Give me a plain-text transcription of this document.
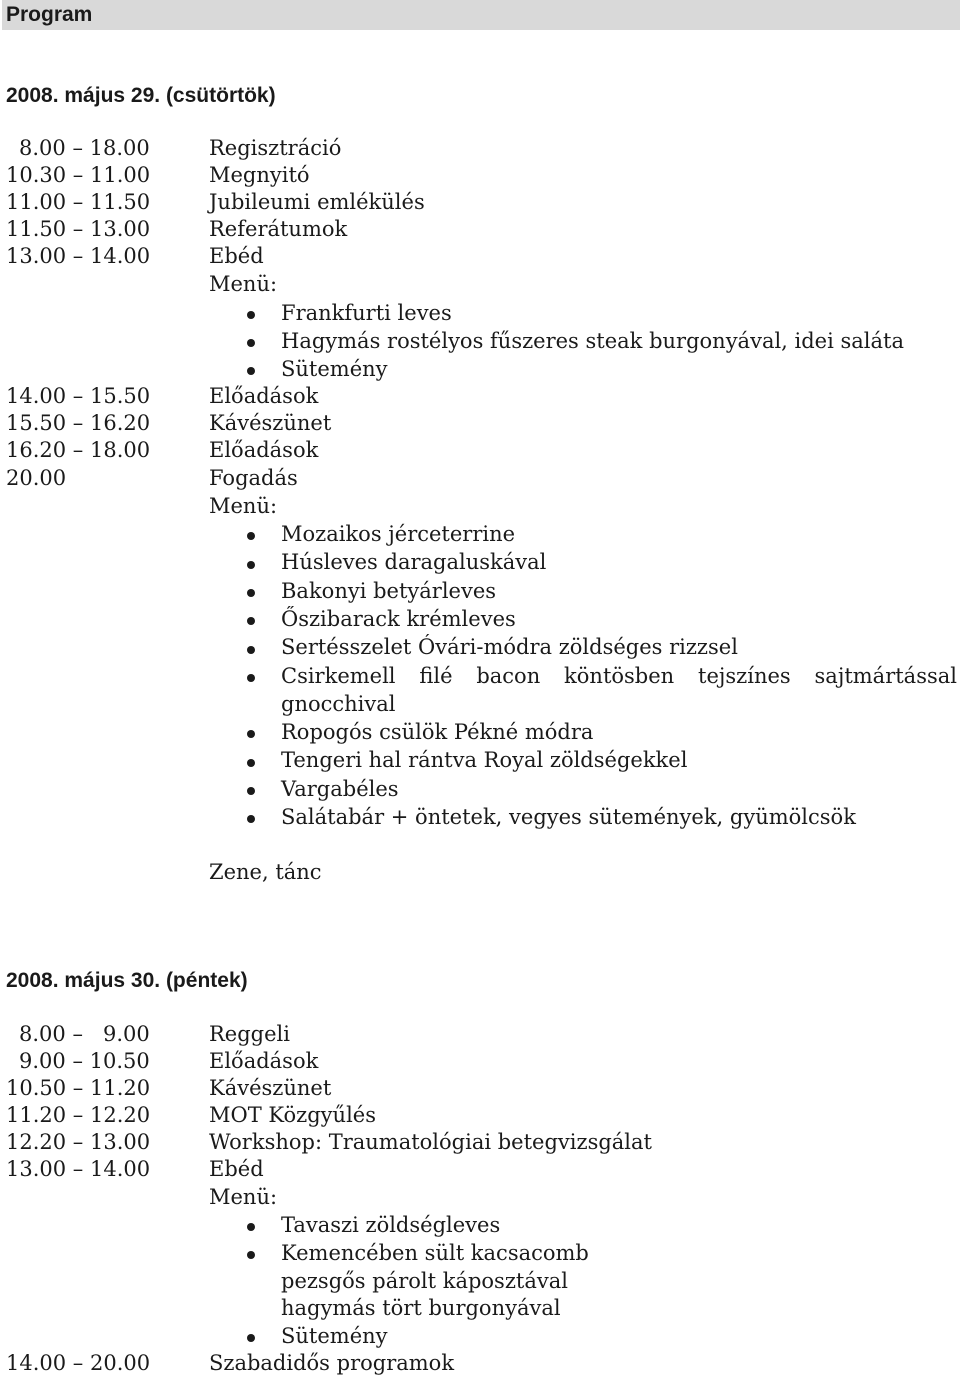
Program
2008. május 29. (csütörtök)
8.00 – 18.00	Regisztráció
10.30 – 11.00	Megnyitó
11.00 – 11.50	Jubileumi emlékülés
11.50 – 13.00	Referátumok
13.00 – 14.00	Ebéd
Menü:
Frankfurti leves
Hagymás rostélyos fűszeres steak burgonyával, idei saláta
Sütemény
14.00 – 15.50	Előadások
15.50 – 16.20	Kávészünet
16.20 – 18.00	Előadások
20.00	Fogadás
Menü:
Mozaikos jérceterrine
Húsleves daragaluskával
Bakonyi betyárleves
Őszibarack krémleves
Sertésszelet Óvári-módra zöldséges rizzsel
Csirkemell filé bacon köntösben tejszínes sajtmártással
gnocchival
Ropogós csülök Pékné módra
Tengeri hal rántva Royal zöldségekkel
Vargabéles
Salátabár + öntetek, vegyes sütemények, gyümölcsök
Zene, tánc
2008. május 30. (péntek)
8.00 –   9.00	Reggeli
9.00 – 10.50	Előadások
10.50 – 11.20	Kávészünet
11.20 – 12.20	MOT Közgyűlés
12.20 – 13.00	Workshop: Traumatológiai betegvizsgálat
13.00 – 14.00	Ebéd
Menü:
Tavaszi zöldségleves
Kemencében sült kacsacomb
pezsgős párolt káposztával
hagymás tört burgonyával
Sütemény
14.00 – 20.00	Szabadidős programok
